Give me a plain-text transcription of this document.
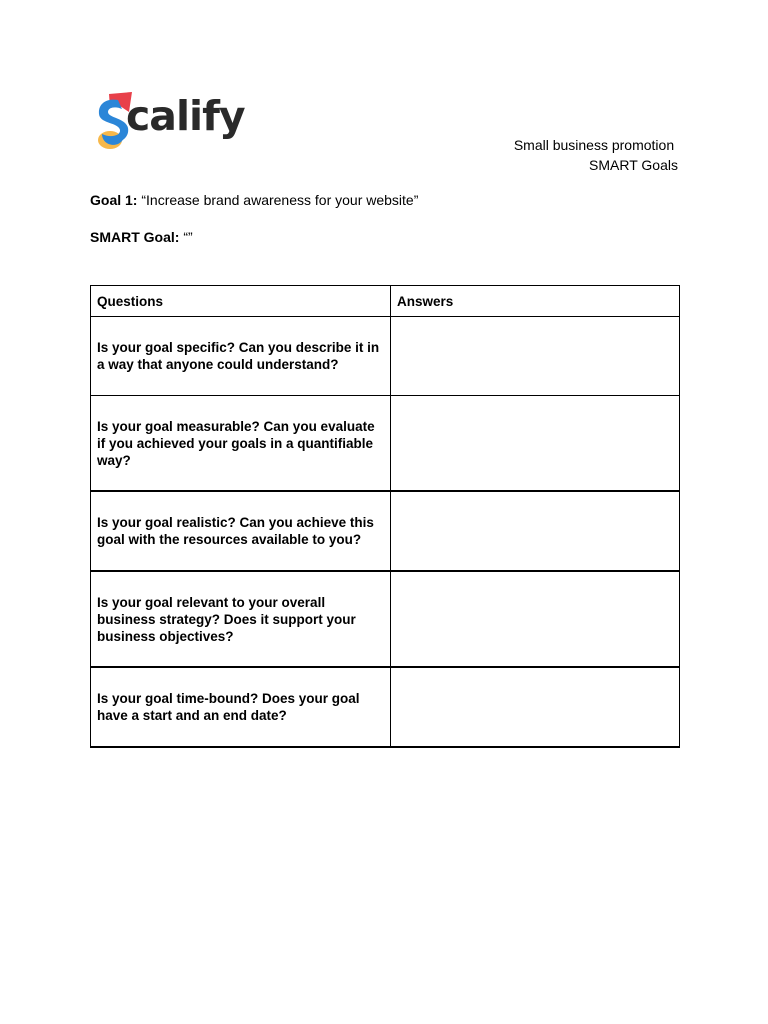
calify
Small business promotion
SMART Goals
Goal 1: “Increase brand awareness for your website”
SMART Goal: “”
Questions	Answers
Is your goal specific? Can you describe it in a way that anyone could understand?	
Is your goal measurable? Can you evaluate if you achieved your goals in a quantifiable way?	
Is your goal realistic? Can you achieve this goal with the resources available to you?	
Is your goal relevant to your overall business strategy? Does it support your business objectives?	
Is your goal time-bound? Does your goal have a start and an end date?	
